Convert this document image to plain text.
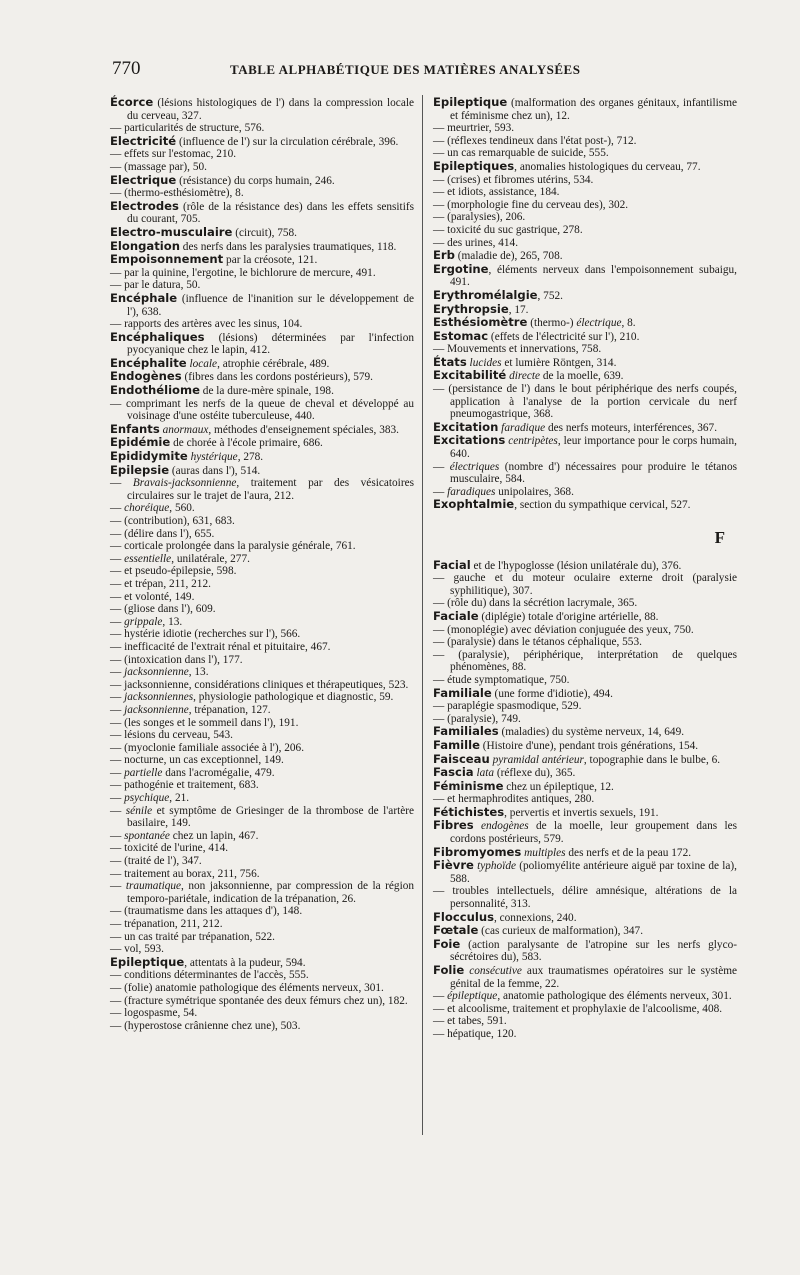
770	TABLE ALPHABÉTIQUE DES MATIÈRES ANALYSÉES

Écorce (lésions histologiques de l') dans la compression locale du cerveau, 327.

— particularités de structure, 576.

Electricité (influence de l') sur la circulation cérébrale, 396.

— effets sur l'estomac, 210.

— (massage par), 50.

Electrique (résistance) du corps humain, 246.

— (thermo-esthésiomètre), 8.

Electrodes (rôle de la résistance des) dans les effets sensitifs du courant, 705.

Electro-musculaire (circuit), 758.

Elongation des nerfs dans les paralysies traumatiques, 118.

Empoisonnement par la créosote, 121.

— par la quinine, l'ergotine, le bichlorure de mercure, 491.

— par le datura, 50.

Encéphale (influence de l'inanition sur le développement de l'), 638.

— rapports des artères avec les sinus, 104.

Encéphaliques (lésions) déterminées par l'infection pyocyanique chez le lapin, 412.

Encéphalite locale, atrophie cérébrale, 489.

Endogènes (fibres dans les cordons postérieurs), 579.

Endothéliome de la dure-mère spinale, 198.

— comprimant les nerfs de la queue de cheval et développé au voisinage d'une ostéite tuberculeuse, 440.

Enfants anormaux, méthodes d'enseignement spéciales, 383.

Epidémie de chorée à l'école primaire, 686.

Epididymite hystérique, 278.

Epilepsie (auras dans l'), 514.

— Bravais-jacksonnienne, traitement par des vésicatoires circulaires sur le trajet de l'aura, 212.

— choréique, 560.

— (contribution), 631, 683.

— (délire dans l'), 655.

— corticale prolongée dans la paralysie générale, 761.

— essentielle, unilatérale, 277.

— et pseudo-épilepsie, 598.

— et trépan, 211, 212.

— et volonté, 149.

— (gliose dans l'), 609.

— grippale, 13.

— hystérie idiotie (recherches sur l'), 566.

— inefficacité de l'extrait rénal et pituitaire, 467.

— (intoxication dans l'), 177.

— jacksonnienne, 13.

— jacksonnienne, considérations cliniques et thérapeutiques, 523.

— jacksonniennes, physiologie pathologique et diagnostic, 59.

— jacksonnienne, trépanation, 127.

— (les songes et le sommeil dans l'), 191.

— lésions du cerveau, 543.

— (myoclonie familiale associée à l'), 206.

— nocturne, un cas exceptionnel, 149.

— partielle dans l'acromégalie, 479.

— pathogénie et traitement, 683.

— psychique, 21.

— sénile et symptôme de Griesinger de la thrombose de l'artère basilaire, 149.

— spontanée chez un lapin, 467.

— toxicité de l'urine, 414.

— (traité de l'), 347.

— traitement au borax, 211, 756.

— traumatique, non jaksonnienne, par compression de la région temporo-pariétale, indication de la trépanation, 26.

— (traumatisme dans les attaques d'), 148.

— trépanation, 211, 212.

— un cas traité par trépanation, 522.

— vol, 593.

Epileptique, attentats à la pudeur, 594.

— conditions déterminantes de l'accès, 555.

— (folie) anatomie pathologique des éléments nerveux, 301.

— (fracture symétrique spontanée des deux fémurs chez un), 182.

— logospasme, 54.

— (hyperostose crânienne chez une), 503.

Epileptique (malformation des organes génitaux, infantilisme et féminisme chez un), 12.

— meurtrier, 593.

— (réflexes tendineux dans l'état post-), 712.

— un cas remarquable de suicide, 555.

Epileptiques, anomalies histologiques du cerveau, 77.

— (crises) et fibromes utérins, 534.

— et idiots, assistance, 184.

— (morphologie fine du cerveau des), 302.

— (paralysies), 206.

— toxicité du suc gastrique, 278.

— des urines, 414.

Erb (maladie de), 265, 708.

Ergotine, éléments nerveux dans l'empoisonnement subaigu, 491.

Erythromélalgie, 752.

Erythropsie, 17.

Esthésiomètre (thermo-) électrique, 8.

Estomac (effets de l'électricité sur l'), 210.

— Mouvements et innervations, 758.

États lucides et lumière Röntgen, 314.

Excitabilité directe de la moelle, 639.

— (persistance de l') dans le bout périphérique des nerfs coupés, application à l'analyse de la portion cervicale du nerf pneumogastrique, 368.

Excitation faradique des nerfs moteurs, interférences, 367.

Excitations centripètes, leur importance pour le corps humain, 640.

— électriques (nombre d') nécessaires pour produire le tétanos musculaire, 584.

— faradiques unipolaires, 368.

Exophtalmie, section du sympathique cervical, 527.

F

Facial et de l'hypoglosse (lésion unilatérale du), 376.

— gauche et du moteur oculaire externe droit (paralysie syphilitique), 307.

— (rôle du) dans la sécrétion lacrymale, 365.

Faciale (diplégie) totale d'origine artérielle, 88.

— (monoplégie) avec déviation conjuguée des yeux, 750.

— (paralysie) dans le tétanos céphalique, 553.

— (paralysie), périphérique, interprétation de quelques phénomènes, 88.

— étude symptomatique, 750.

Familiale (une forme d'idiotie), 494.

— paraplégie spasmodique, 529.

— (paralysie), 749.

Familiales (maladies) du système nerveux, 14, 649.

Famille (Histoire d'une), pendant trois générations, 154.

Faisceau pyramidal antérieur, topographie dans le bulbe, 6.

Fascia lata (réflexe du), 365.

Féminisme chez un épileptique, 12.

— et hermaphrodites antiques, 280.

Fétichistes, pervertis et invertis sexuels, 191.

Fibres endogènes de la moelle, leur groupement dans les cordons postérieurs, 579.

Fibromyomes multiples des nerfs et de la peau 172.

Fièvre typhoïde (poliomyélite antérieure aiguë par toxine de la), 588.

— troubles intellectuels, délire amnésique, altérations de la personnalité, 313.

Flocculus, connexions, 240.

Fœtale (cas curieux de malformation), 347.

Foie (action paralysante de l'atropine sur les nerfs glyco-sécrétoires du), 583.

Folie consécutive aux traumatismes opératoires sur le système génital de la femme, 22.

— épileptique, anatomie pathologique des éléments nerveux, 301.

— et alcoolisme, traitement et prophylaxie de l'alcoolisme, 408.

— et tabes, 591.

— hépatique, 120.
